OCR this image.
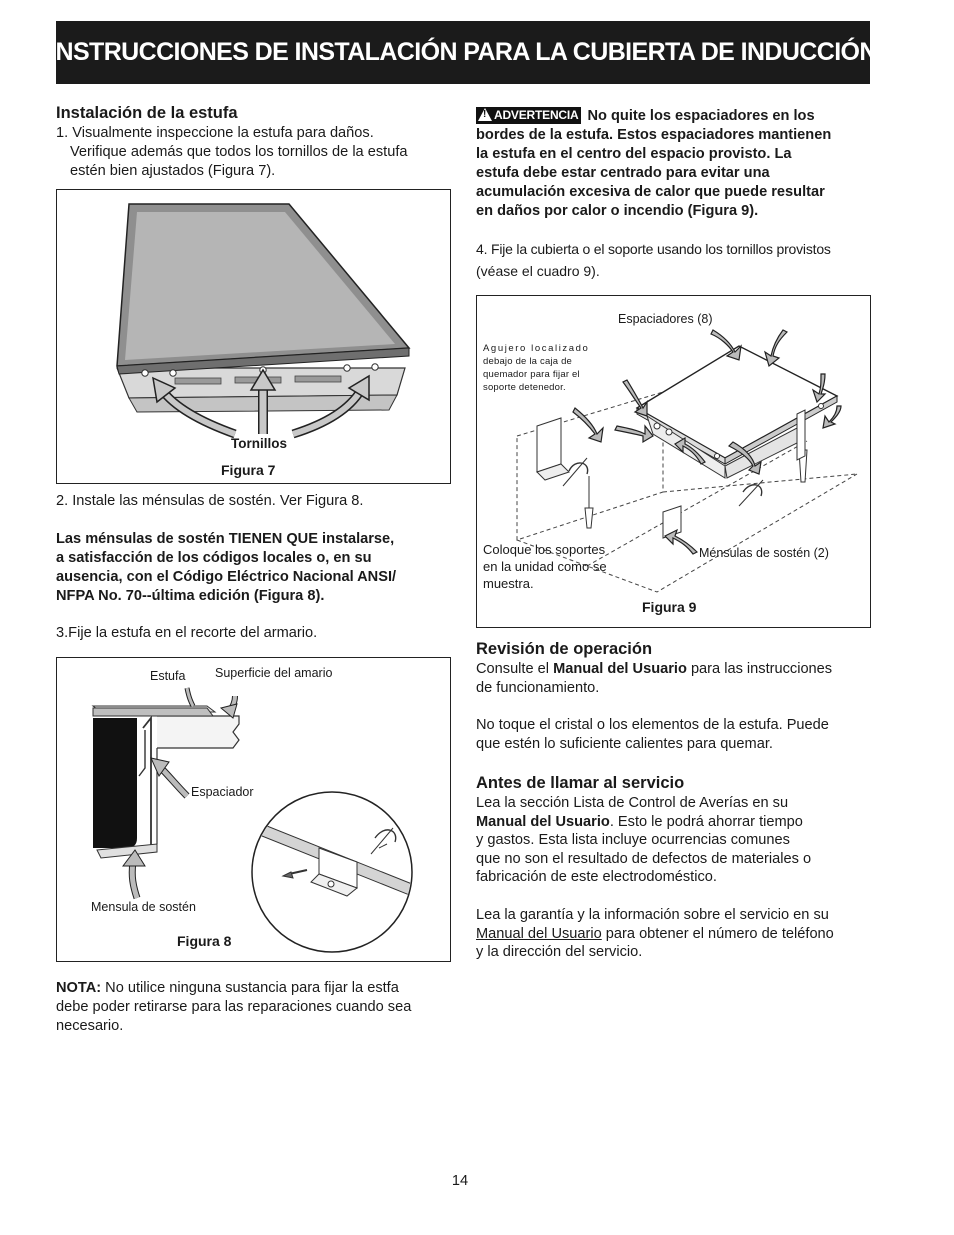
INSTRUCCIONES DE INSTALACIÓN PARA LA CUBIERTA DE INDUCCIÓN
Instalación de la estufa
1. Visualmente inspeccione la estufa para daños.
Verifique además que todos los tornillos de la estufa
estén bien ajustados (Figura 7).
Tornillos
Figura 7
2. Instale las ménsulas de sostén. Ver Figura 8.
Las ménsulas de sostén TIENEN QUE instalarse,
a satisfacción de los códigos locales o, en su
ausencia, con el Código Eléctrico Nacional ANSI/
NFPA No. 70--última edición (Figura 8).
3.Fije la estufa en el recorte del armario.
Estufa Superficie del amario
Espaciador
Mensula de sostén
Figura 8
NOTA: No utilice ninguna sustancia para fijar la estfa
debe poder retirarse para las reparaciones cuando sea
necesario.
!ADVERTENCIA No quite los espaciadores en los
bordes de la estufa. Estos espaciadores mantienen
la estufa en el centro del espacio provisto. La
estufa debe estar centrado para evitar una
acumulación excesiva de calor que puede resultar
en daños por calor o incendio (Figura 9).
4. Fije la cubierta o el soporte usando los tornillos provistos
(véase el cuadro 9).
Espaciadores (8)
Agujero localizado
debajo de la caja de
quemador para fijar el
soporte detenedor.
Coloque los soportes
en la unidad como se
muestra.
Ménsulas de sostén (2)
Figura 9
Revisión de operación
Consulte el Manual del Usuario para las instrucciones
de funcionamiento.
No toque el cristal o los elementos de la estufa. Puede
que estén lo suficiente calientes para quemar.
Antes de llamar al servicio
Lea la sección Lista de Control de Averías en su
Manual del Usuario. Esto le podrá ahorrar tiempo
y gastos. Esta lista incluye ocurrencias comunes
que no son el resultado de defectos de materiales o
fabricación de este electrodoméstico.
Lea la garantía y la información sobre el servicio en su
Manual del Usuario para obtener el número de teléfono
y la dirección del servicio.
14
